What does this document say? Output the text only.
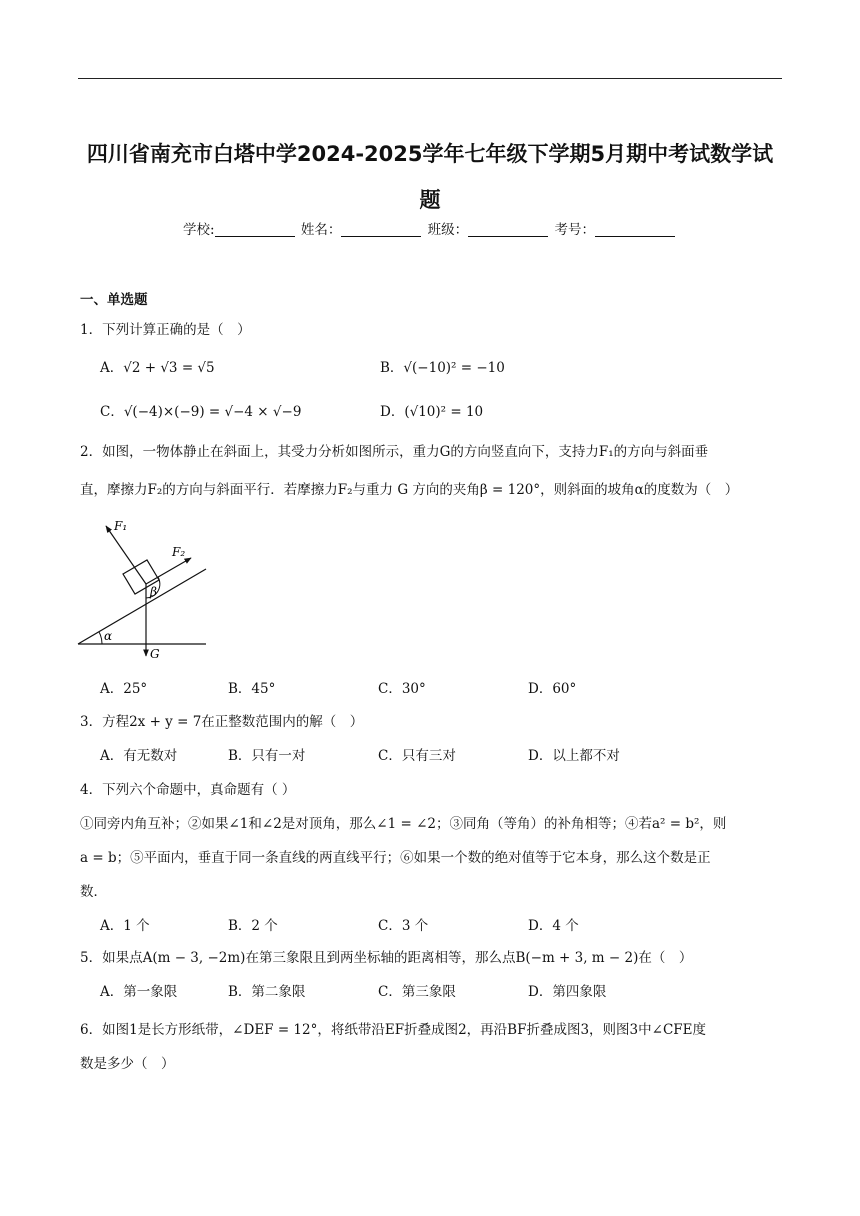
四川省南充市白塔中学2024-2025学年七年级下学期5月期中考试数学试
题
学校:	姓名：	班级：	考号：
一、单选题
1．下列计算正确的是（　）
A．√2 + √3 = √5	B．√(−10)² = −10
C．√(−4)×(−9) = √−4 × √−9	D．(√10)² = 10
2．如图，一物体静止在斜面上，其受力分析如图所示，重力G的方向竖直向下，支持力F₁的方向与斜面垂
直，摩擦力F₂的方向与斜面平行．若摩擦力F₂与重力 G 方向的夹角β = 120°，则斜面的坡角α的度数为（　）
F₁
F₂
β
α
G
A．25°	B．45°	C．30°	D．60°
3．方程2x + y = 7在正整数范围内的解（　）
A．有无数对	B．只有一对	C．只有三对	D．以上都不对
4．下列六个命题中，真命题有（ ）
①同旁内角互补；②如果∠1和∠2是对顶角，那么∠1 = ∠2；③同角（等角）的补角相等；④若a² = b²，则
a = b；⑤平面内，垂直于同一条直线的两直线平行；⑥如果一个数的绝对值等于它本身，那么这个数是正
数．
A．1 个	B．2 个	C．3 个	D．4 个
5．如果点A(m − 3, −2m)在第三象限且到两坐标轴的距离相等，那么点B(−m + 3, m − 2)在（　）
A．第一象限	B．第二象限	C．第三象限	D．第四象限
6．如图1是长方形纸带，∠DEF = 12°，将纸带沿EF折叠成图2，再沿BF折叠成图3，则图3中∠CFE度
数是多少（　）
